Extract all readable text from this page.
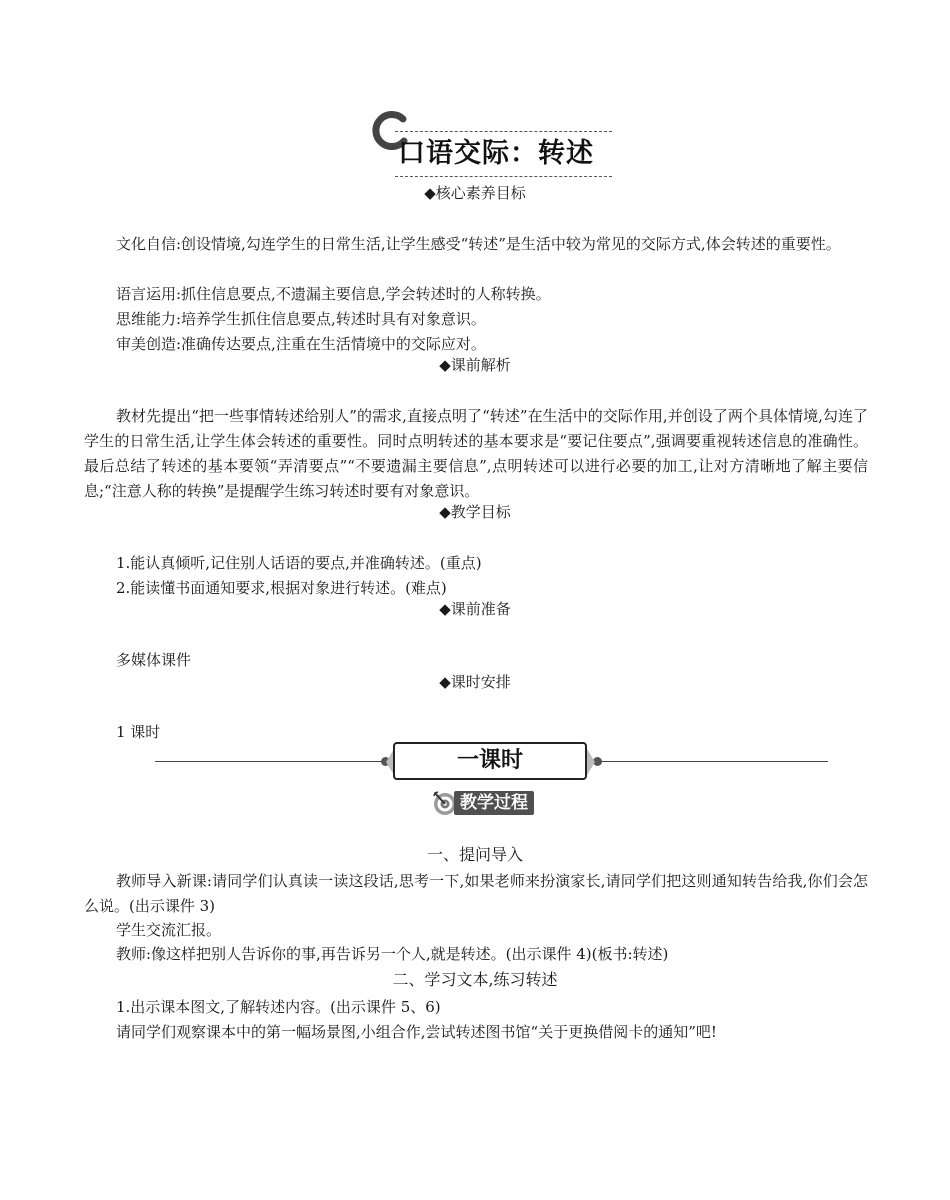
口语交际：转述
◆核心素养目标
文化自信:创设情境,勾连学生的日常生活,让学生感受“转述”是生活中较为常见的交际方式,体会转述的重要性。
语言运用:抓住信息要点,不遗漏主要信息,学会转述时的人称转换。
思维能力:培养学生抓住信息要点,转述时具有对象意识。
审美创造:准确传达要点,注重在生活情境中的交际应对。
◆课前解析
教材先提出“把一些事情转述给别人”的需求,直接点明了“转述”在生活中的交际作用,并创设了两个具体情境,勾连了学生的日常生活,让学生体会转述的重要性。同时点明转述的基本要求是“要记住要点”,强调要重视转述信息的准确性。最后总结了转述的基本要领“弄清要点”“不要遗漏主要信息”,点明转述可以进行必要的加工,让对方清晰地了解主要信息;“注意人称的转换”是提醒学生练习转述时要有对象意识。
◆教学目标
1.能认真倾听,记住别人话语的要点,并准确转述。(重点)
2.能读懂书面通知要求,根据对象进行转述。(难点)
◆课前准备
多媒体课件
◆课时安排
1 课时
一课时
教学过程
一、提问导入
教师导入新课:请同学们认真读一读这段话,思考一下,如果老师来扮演家长,请同学们把这则通知转告给我,你们会怎么说。(出示课件 3)
学生交流汇报。
教师:像这样把别人告诉你的事,再告诉另一个人,就是转述。(出示课件 4)(板书:转述)
二、学习文本,练习转述
1.出示课本图文,了解转述内容。(出示课件 5、6)
请同学们观察课本中的第一幅场景图,小组合作,尝试转述图书馆“关于更换借阅卡的通知”吧!
